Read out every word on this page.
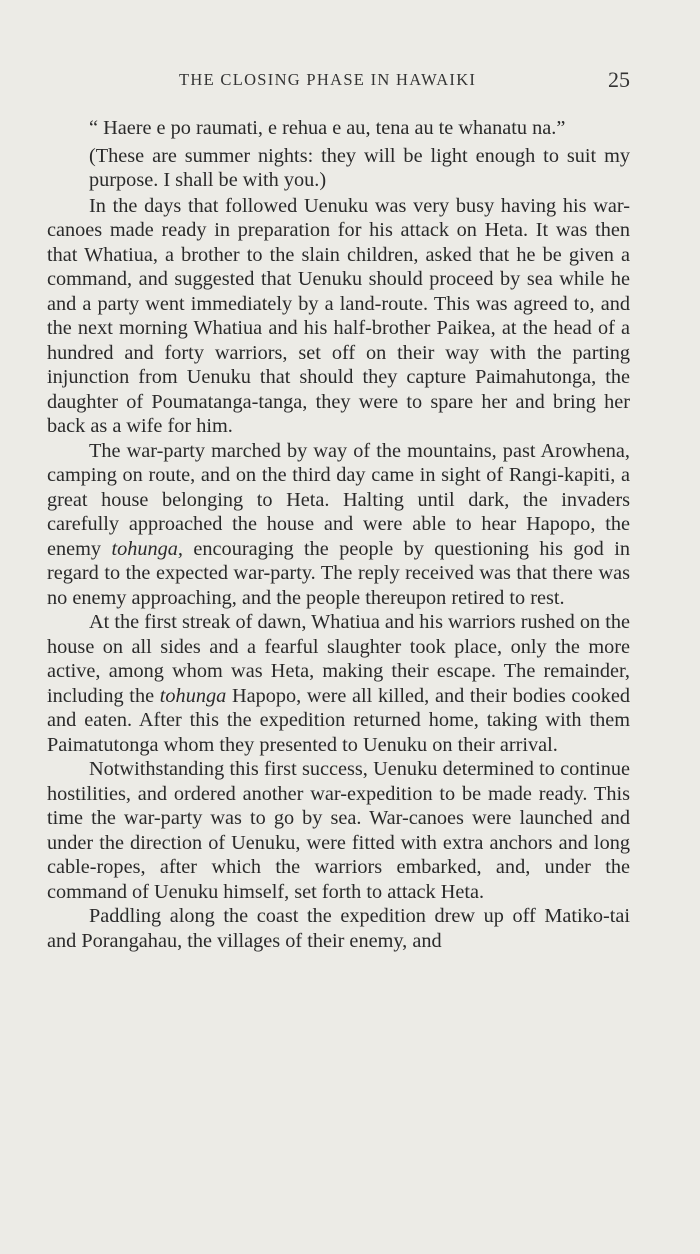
THE CLOSING PHASE IN HAWAIKI	25

“ Haere e po raumati, e rehua e au, tena au te whanatu na.”

(These are summer nights: they will be light enough to suit my purpose. I shall be with you.)

In the days that followed Uenuku was very busy having his war-canoes made ready in preparation for his attack on Heta. It was then that Whatiua, a brother to the slain children, asked that he be given a command, and suggested that Uenuku should proceed by sea while he and a party went immediately by a land-route. This was agreed to, and the next morning Whatiua and his half-brother Paikea, at the head of a hundred and forty warriors, set off on their way with the parting injunction from Uenuku that should they capture Paimahutonga, the daughter of Poumatanga-tanga, they were to spare her and bring her back as a wife for him.

The war-party marched by way of the mountains, past Arowhena, camping on route, and on the third day came in sight of Rangi-kapiti, a great house belonging to Heta. Halting until dark, the invaders carefully approached the house and were able to hear Hapopo, the enemy tohunga, encouraging the people by questioning his god in regard to the expected war-party. The reply received was that there was no enemy approaching, and the people thereupon retired to rest.

At the first streak of dawn, Whatiua and his warriors rushed on the house on all sides and a fearful slaughter took place, only the more active, among whom was Heta, making their escape. The remainder, including the tohunga Hapopo, were all killed, and their bodies cooked and eaten. After this the expedition returned home, taking with them Paimatutonga whom they presented to Uenuku on their arrival.

Notwithstanding this first success, Uenuku determined to continue hostilities, and ordered another war-expedition to be made ready. This time the war-party was to go by sea. War-canoes were launched and under the direction of Uenuku, were fitted with extra anchors and long cable-ropes, after which the warriors embarked, and, under the command of Uenuku himself, set forth to attack Heta.

Paddling along the coast the expedition drew up off Matiko-tai and Porangahau, the villages of their enemy, and
